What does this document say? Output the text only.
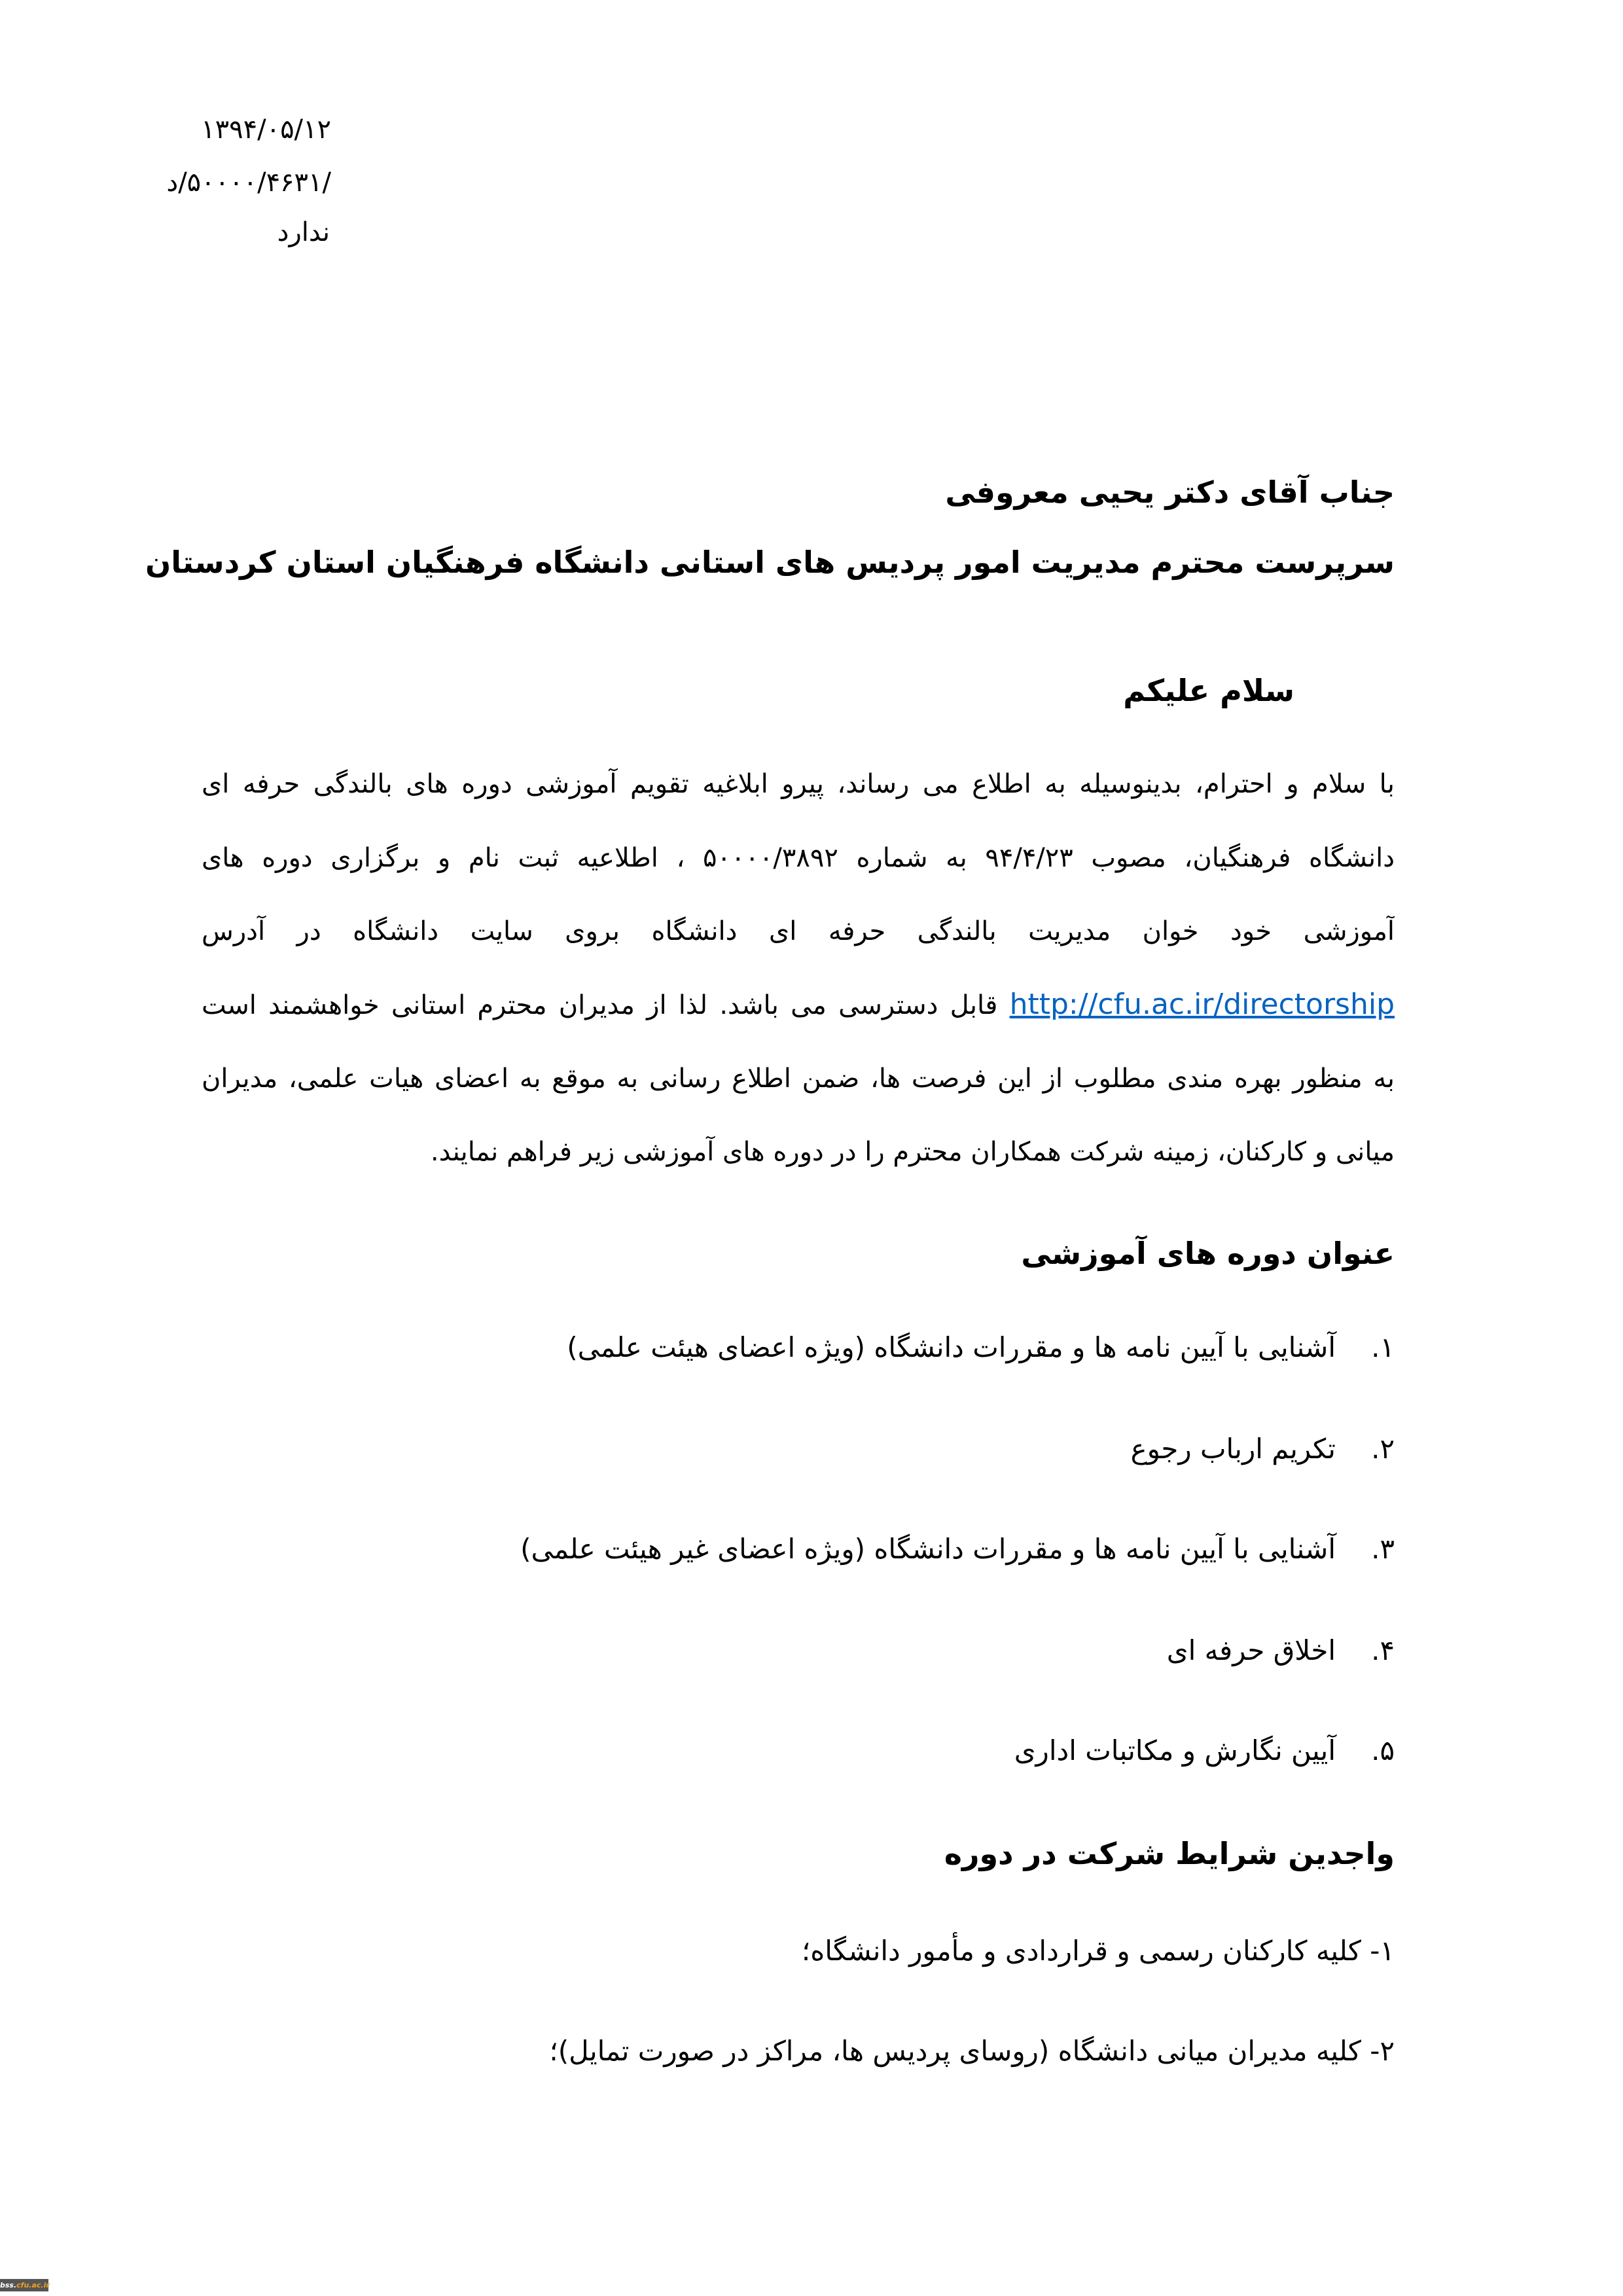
۱۳۹۴/۰۵/۱۲
/۵۰۰۰۰/۴۶۳۱/د
ندارد
جناب آقای دکتر یحیی معروفی
سرپرست محترم مدیریت امور پردیس های استانی دانشگاه فرهنگیان استان کردستان
سلام علیکم
با سلام و احترام، بدینوسیله به اطلاع می رساند، پیرو ابلاغیه تقویم آموزشی دوره های بالندگی حرفه ای
دانشگاه فرهنگیان، مصوب ۹۴/۴/۲۳ به شماره ۵۰۰۰۰/۳۸۹۲ ، اطلاعیه ثبت نام و برگزاری دوره های
آموزشی خود خوان مدیریت بالندگی حرفه ای دانشگاه بروی سایت دانشگاه در آدرس
http://cfu.ac.ir/directorship قابل دسترسی می باشد. لذا از مدیران محترم استانی خواهشمند است
به منظور بهره مندی مطلوب از این فرصت ها، ضمن اطلاع رسانی به موقع به اعضای هیات علمی، مدیران
میانی و کارکنان، زمینه شرکت همکاران محترم را در دوره های آموزشی زیر فراهم نمایند.
عنوان دوره های آموزشی
۱.آشنایی با آیین نامه ها و مقررات دانشگاه (ویژه اعضای هیئت علمی)
۲.تکریم ارباب رجوع
۳.آشنایی با آیین نامه ها و مقررات دانشگاه (ویژه اعضای غیر هیئت علمی)
۴.اخلاق حرفه ای
۵.آیین نگارش و مکاتبات اداری
واجدین شرایط شرکت در دوره
۱- کلیه کارکنان رسمی و قراردادی و مأمور دانشگاه؛
۲- کلیه مدیران میانی دانشگاه (روسای پردیس ها، مراکز در صورت تمایل)؛
bss.cfu.ac.ir
